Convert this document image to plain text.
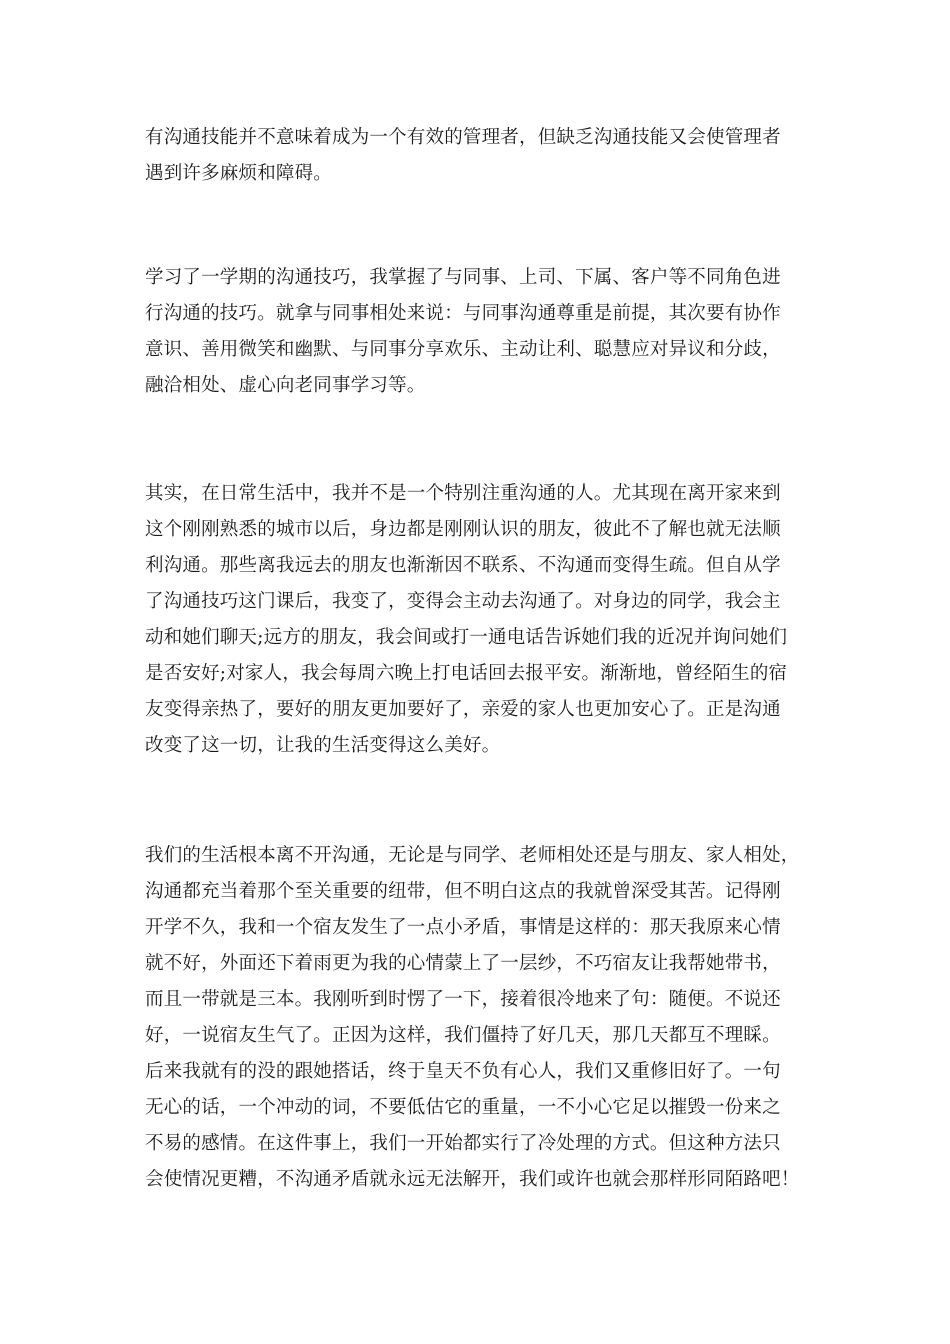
有沟通技能并不意味着成为一个有效的管理者，但缺乏沟通技能又会使管理者
遇到许多麻烦和障碍。
学习了一学期的沟通技巧，我掌握了与同事、上司、下属、客户等不同角色进
行沟通的技巧。就拿与同事相处来说：与同事沟通尊重是前提，其次要有协作
意识、善用微笑和幽默、与同事分享欢乐、主动让利、聪慧应对异议和分歧，
融洽相处、虚心向老同事学习等。
其实，在日常生活中，我并不是一个特别注重沟通的人。尤其现在离开家来到
这个刚刚熟悉的城市以后，身边都是刚刚认识的朋友，彼此不了解也就无法顺
利沟通。那些离我远去的朋友也渐渐因不联系、不沟通而变得生疏。但自从学
了沟通技巧这门课后，我变了，变得会主动去沟通了。对身边的同学，我会主
动和她们聊天;远方的朋友，我会间或打一通电话告诉她们我的近况并询问她们
是否安好;对家人，我会每周六晚上打电话回去报平安。渐渐地，曾经陌生的宿
友变得亲热了，要好的朋友更加要好了，亲爱的家人也更加安心了。正是沟通
改变了这一切，让我的生活变得这么美好。
我们的生活根本离不开沟通，无论是与同学、老师相处还是与朋友、家人相处，
沟通都充当着那个至关重要的纽带，但不明白这点的我就曾深受其苦。记得刚
开学不久，我和一个宿友发生了一点小矛盾，事情是这样的：那天我原来心情
就不好，外面还下着雨更为我的心情蒙上了一层纱，不巧宿友让我帮她带书，
而且一带就是三本。我刚听到时愣了一下，接着很冷地来了句：随便。不说还
好，一说宿友生气了。正因为这样，我们僵持了好几天，那几天都互不理睬。
后来我就有的没的跟她搭话，终于皇天不负有心人，我们又重修旧好了。一句
无心的话，一个冲动的词，不要低估它的重量，一不小心它足以摧毁一份来之
不易的感情。在这件事上，我们一开始都实行了冷处理的方式。但这种方法只
会使情况更糟，不沟通矛盾就永远无法解开，我们或许也就会那样形同陌路吧！
